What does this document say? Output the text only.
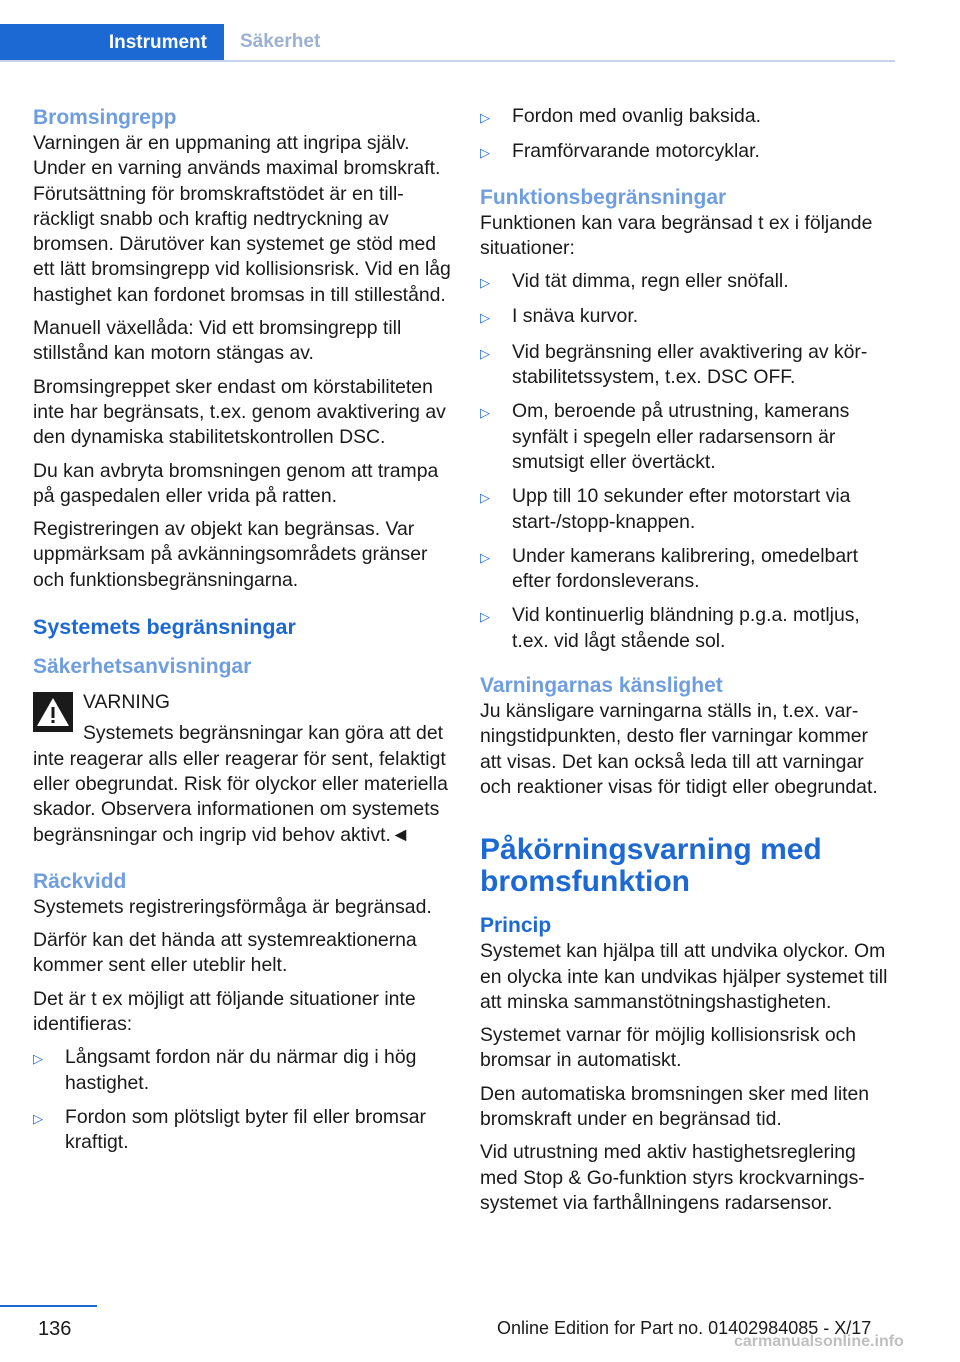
Instrument	Säkerhet
Bromsingrepp

Varningen är en uppmaning att ingripa själv. Under en varning används maximal bromskraft. Förutsättning för bromskraftstödet är en tillräckligt snabb och kraftig nedtryckning av bromsen. Därutöver kan systemet ge stöd med ett lätt bromsingrepp vid kollisionsrisk. Vid en låg hastighet kan fordonet bromsas in till stillestånd.

Manuell växellåda: Vid ett bromsingrepp till stillstånd kan motorn stängas av.

Bromsingreppet sker endast om körstabiliteten inte har begränsats, t.ex. genom avaktivering av den dynamiska stabilitetskontrollen DSC.

Du kan avbryta bromsningen genom att trampa på gaspedalen eller vrida på ratten.

Registreringen av objekt kan begränsas. Var uppmärksam på avkänningsområdets gränser och funktionsbegränsningarna.

Systemets begränsningar
Säkerhetsanvisningar
VARNING

Systemets begränsningar kan göra att det inte reagerar alls eller reagerar för sent, felaktigt eller obegrundat. Risk för olyckor eller materiella skador. Observera informationen om systemets begränsningar och ingrip vid behov aktivt.◄

Räckvidd

Systemets registreringsförmåga är begränsad.

Därför kan det hända att systemreaktionerna kommer sent eller uteblir helt.

Det är t ex möjligt att följande situationer inte identifieras:

▷	Långsamt fordon när du närmar dig i hög hastighet.
▷	Fordon som plötsligt byter fil eller bromsar kraftigt.
▷	Fordon med ovanlig baksida.
▷	Framförvarande motorcyklar.
Funktionsbegränsningar

Funktionen kan vara begränsad t ex i följande situationer:

▷	Vid tät dimma, regn eller snöfall.
▷	I snäva kurvor.
▷	Vid begränsning eller avaktivering av körstabilitetssystem, t.ex. DSC OFF.
▷	Om, beroende på utrustning, kamerans synfält i spegeln eller radarsensorn är smutsigt eller övertäckt.
▷	Upp till 10 sekunder efter motorstart via start-/stopp-knappen.
▷	Under kamerans kalibrering, omedelbart efter fordonsleverans.
▷	Vid kontinuerlig bländning p.g.a. motljus, t.ex. vid lågt stående sol.
Varningarnas känslighet

Ju känsligare varningarna ställs in, t.ex. varningstidpunkten, desto fler varningar kommer att visas. Det kan också leda till att varningar och reaktioner visas för tidigt eller obegrundat.

Påkörningsvarning med bromsfunktion
Princip

Systemet kan hjälpa till att undvika olyckor. Om en olycka inte kan undvikas hjälper systemet till att minska sammanstötningshastigheten.

Systemet varnar för möjlig kollisionsrisk och bromsar in automatiskt.

Den automatiska bromsningen sker med liten bromskraft under en begränsad tid.

Vid utrustning med aktiv hastighetsreglering med Stop & Go-funktion styrs krockvarningssystemet via farthållningens radarsensor.

136	Online Edition for Part no. 01402984085 - X/17
carmanualsonline.info
